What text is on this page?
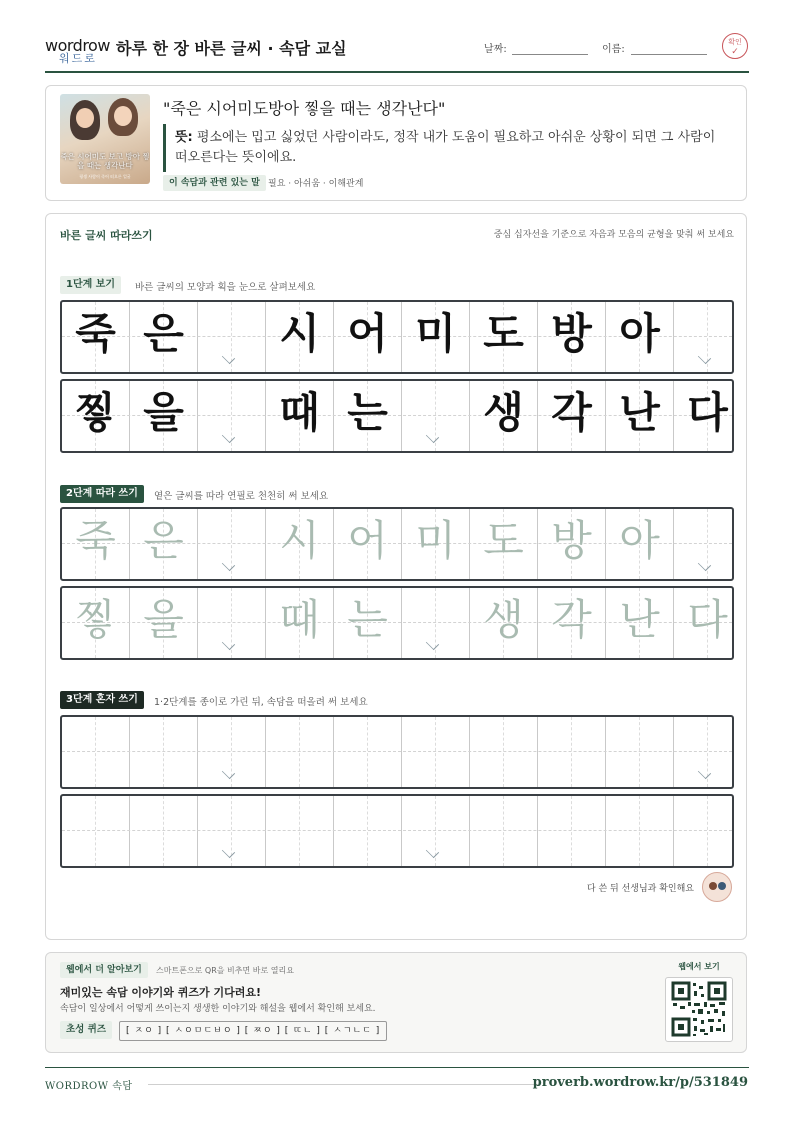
wordrow
워드로
하루 한 장 바른 글씨 · 속담 교실	날짜:	이름:
확인
✓
죽은 시어미도 보고 방아 찧을 때는 생각난다
평생 사람이 죽어 떠오른 얼굴
"죽은 시어미도방아 찧을 때는 생각난다"
뜻: 평소에는 밉고 싫었던 사람이라도, 정작 내가 도움이 필요하고 아쉬운 상황이 되면 그 사람이 떠오른다는 뜻이에요.
이 속담과 관련 있는 말 필요 · 아쉬움 · 이해관계
바른 글씨 따라쓰기	중심 십자선을 기준으로 자음과 모음의 균형을 맞춰 써 보세요
1단계 보기	바른 글씨의 모양과 획을 눈으로 살펴보세요
2단계 따라 쓰기	옅은 글씨를 따라 연필로 천천히 써 보세요
3단계 혼자 쓰기	1·2단계를 종이로 가린 뒤, 속담을 떠올려 써 보세요
죽 은	시 어 미 도 방 아
찧 을	때 는	생 각 난 다
죽 은	시 어 미 도 방 아
찧 을	때 는	생 각 난 다
다 쓴 뒤 선생님과 확인해요
웹에서 더 알아보기	스마트폰으로 QR을 비추면 바로 열리요
재미있는 속담 이야기와 퀴즈가 기다려요!
속담이 일상에서 어떻게 쓰이는지 생생한 이야기와 해설을 웹에서 확인해 보세요.
초성 퀴즈	[ ㅈㅇ ] [ ㅅㅇㅁㄷㅂㅇ ] [ ㅉㅇ ] [ ㄸㄴ ] [ ㅅㄱㄴㄷ ]
웹에서 보기
WORDROW 속담	proverb.wordrow.kr/p/531849
